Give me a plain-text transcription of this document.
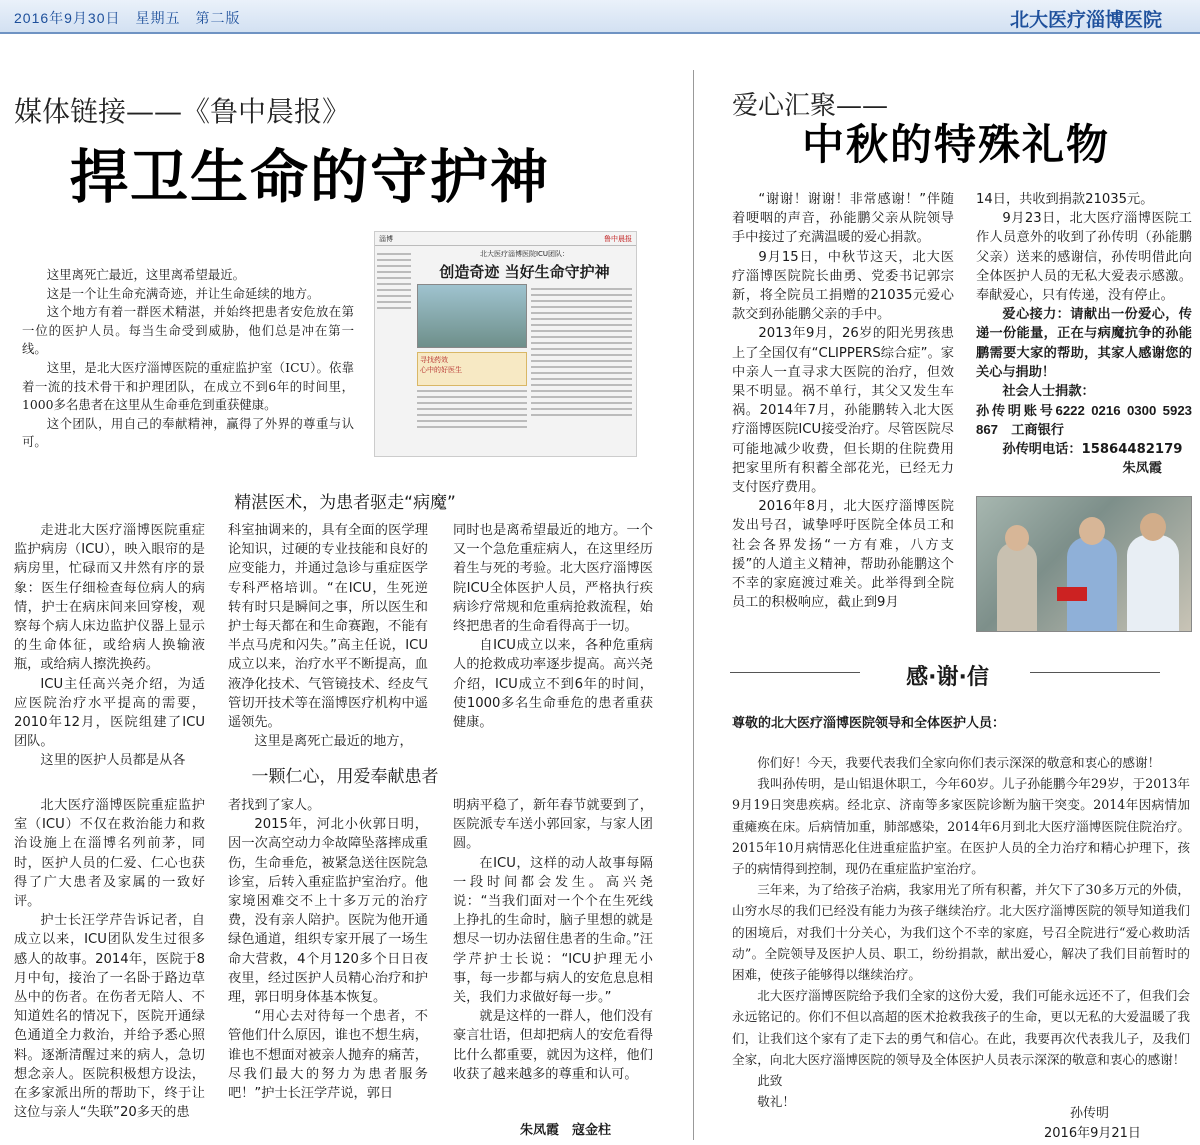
2016年9月30日　星期五　第二版	北大医疗淄博医院
媒体链接——《鲁中晨报》
捍卫生命的守护神

这里离死亡最近，这里离希望最近。

这是一个让生命充满奇迹，并让生命延续的地方。

这个地方有着一群医术精湛，并始终把患者安危放在第一位的医护人员。每当生命受到威胁，他们总是冲在第一线。

这里，是北大医疗淄博医院的重症监护室（ICU）。依靠着一流的技术骨干和护理团队，在成立不到6年的时间里，1000多名患者在这里从生命垂危到重获健康。

这个团队，用自己的奉献精神，赢得了外界的尊重与认可。

淄博	鲁中晨报
北大医疗淄博医院ICU团队：
创造奇迹 当好生命守护神
寻找药效
心中的好医生
精湛医术，为患者驱走“病魔”

走进北大医疗淄博医院重症监护病房（ICU），映入眼帘的是病房里，忙碌而又井然有序的景象：医生仔细检查每位病人的病情，护士在病床间来回穿梭，观察每个病人床边监护仪器上显示的生命体征，或给病人换输液瓶，或给病人擦洗换药。

ICU主任高兴尧介绍，为适应医院治疗水平提高的需要，2010年12月，医院组建了ICU团队。

这里的医护人员都是从各

科室抽调来的，具有全面的医学理论知识，过硬的专业技能和良好的应变能力，并通过急诊与重症医学专科严格培训。“在ICU，生死逆转有时只是瞬间之事，所以医生和护士每天都在和生命赛跑，不能有半点马虎和闪失。”高主任说，ICU成立以来，治疗水平不断提高，血液净化技术、气管镜技术、经皮气管切开技术等在淄博医疗机构中遥遥领先。

这里是离死亡最近的地方，

同时也是离希望最近的地方。一个又一个急危重症病人，在这里经历着生与死的考验。北大医疗淄博医院ICU全体医护人员，严格执行疾病诊疗常规和危重病抢救流程，始终把患者的生命看得高于一切。

自ICU成立以来，各种危重病人的抢救成功率逐步提高。高兴尧介绍，ICU成立不到6年的时间，使1000多名生命垂危的患者重获健康。

一颗仁心，用爱奉献患者

北大医疗淄博医院重症监护室（ICU）不仅在救治能力和救治设施上在淄博名列前茅，同时，医护人员的仁爱、仁心也获得了广大患者及家属的一致好评。

护士长汪学芹告诉记者，自成立以来，ICU团队发生过很多感人的故事。2014年，医院于8月中旬，接治了一名卧于路边草丛中的伤者。在伤者无陪人、不知道姓名的情况下，医院开通绿色通道全力救治，并给予悉心照料。逐渐清醒过来的病人，急切想念亲人。医院积极想方设法，在多家派出所的帮助下，终于让这位与亲人“失联”20多天的患

者找到了家人。

2015年，河北小伙郭日明，因一次高空动力伞故障坠落摔成重伤，生命垂危，被紧急送往医院急诊室，后转入重症监护室治疗。他家境困难交不上十多万元的治疗费，没有亲人陪护。医院为他开通绿色通道，组织专家开展了一场生命大营救，4个月120多个日日夜夜里，经过医护人员精心治疗和护理，郭日明身体基本恢复。

“用心去对待每一个患者，不管他们什么原因，谁也不想生病，谁也不想面对被亲人抛弃的痛苦，尽我们最大的努力为患者服务吧！”护士长汪学芹说，郭日

明病平稳了，新年春节就要到了，医院派专车送小郭回家，与家人团圆。

在ICU，这样的动人故事每隔一段时间都会发生。高兴尧说：“当我们面对一个个在生死线上挣扎的生命时，脑子里想的就是想尽一切办法留住患者的生命。”汪学芹护士长说：“ICU护理无小事，每一步都与病人的安危息息相关，我们力求做好每一步。”

就是这样的一群人，他们没有豪言壮语，但却把病人的安危看得比什么都重要，就因为这样，他们收获了越来越多的尊重和认可。

朱凤霞　寇金柱
爱心汇聚——
中秋的特殊礼物

“谢谢！谢谢！非常感谢！”伴随着哽咽的声音，孙能鹏父亲从院领导手中接过了充满温暖的爱心捐款。

9月15日，中秋节这天，北大医疗淄博医院院长曲勇、党委书记郭宗新，将全院员工捐赠的21035元爱心款交到孙能鹏父亲的手中。

2013年9月，26岁的阳光男孩患上了全国仅有“CLIPPERS综合症”。家中亲人一直寻求大医院的治疗，但效果不明显。祸不单行，其父又发生车祸。2014年7月，孙能鹏转入北大医疗淄博医院ICU接受治疗。尽管医院尽可能地减少收费，但长期的住院费用把家里所有积蓄全部花光，已经无力支付医疗费用。

2016年8月，北大医疗淄博医院发出号召，诚挚呼吁医院全体员工和社会各界发扬“一方有难，八方支援”的人道主义精神，帮助孙能鹏这个不幸的家庭渡过难关。此举得到全院员工的积极响应，截止到9月

14日，共收到捐款21035元。

9月23日，北大医疗淄博医院工作人员意外的收到了孙传明（孙能鹏父亲）送来的感谢信，孙传明借此向全体医护人员的无私大爱表示感激。奉献爱心，只有传递，没有停止。

爱心接力：请献出一份爱心，传递一份能量，正在与病魔抗争的孙能鹏需要大家的帮助，其家人感谢您的关心与捐助！

社会人士捐款：

孙传明账号6222 0216 0300 5923 867　工商银行

孙传明电话：15864482179

朱凤霞
感·谢·信
尊敬的北大医疗淄博医院领导和全体医护人员：

你们好！今天，我要代表我们全家向你们表示深深的敬意和衷心的感谢！

我叫孙传明，是山铝退休职工，今年60岁。儿子孙能鹏今年29岁，于2013年9月19日突患疾病。经北京、济南等多家医院诊断为脑干突变。2014年因病情加重瘫痪在床。后病情加重，肺部感染，2014年6月到北大医疗淄博医院住院治疗。2015年10月病情恶化住进重症监护室。在医护人员的全力治疗和精心护理下，孩子的病情得到控制，现仍在重症监护室治疗。

三年来，为了给孩子治病，我家用光了所有积蓄，并欠下了30多万元的外债，山穷水尽的我们已经没有能力为孩子继续治疗。北大医疗淄博医院的领导知道我们的困境后，对我们十分关心，为我们这个不幸的家庭，号召全院进行“爱心救助活动”。全院领导及医护人员、职工，纷纷捐款，献出爱心，解决了我们目前暂时的困难，使孩子能够得以继续治疗。

北大医疗淄博医院给予我们全家的这份大爱，我们可能永远还不了，但我们会永远铭记的。你们不但以高超的医术抢救我孩子的生命，更以无私的大爱温暖了我们，让我们这个家有了走下去的勇气和信心。在此，我要再次代表我儿子，及我们全家，向北大医疗淄博医院的领导及全体医护人员表示深深的敬意和衷心的感谢！

此致

敬礼！

孙传明
2016年9月21日
